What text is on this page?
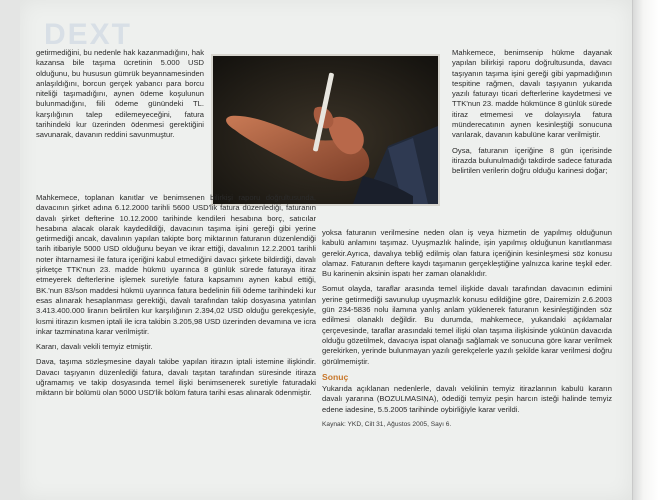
DEXT

getirmediğini, bu nedenle hak kazanmadığını, hak kazansa bile taşıma ücretinin 5.000 USD olduğunu, bu hususun gümrük beyannamesinden anlaşıldığını, borcun gerçek yabancı para borcu niteliği taşımadığını, aynen ödeme koşulunun bulunmadığını, fiili ödeme günündeki TL. karşılığının talep edilemeyeceğini, fatura tarihindeki kur üzerinden ödenmesi gerektiğini savunarak, davanın reddini savunmuştur.

Mahkemece, benimsenip hükme dayanak yapılan bilirkişi raporu doğrultusunda, davacı taşıyanın taşıma işini gereği gibi yapmadığının tespitine rağmen, davalı taşıyanın yukarıda yazılı faturayı ticari defterlerine kaydetmesi ve TTK'nun 23. madde hükmünce 8 günlük sürede itiraz etmemesi ve dolayısıyla fatura münderecatının aynen kesinleştiği sonucuna varılarak, davanın kabulüne karar verilmiştir.

Oysa, faturanın içeriğine 8 gün içerisinde itirazda bulunulmadığı takdirde sadece faturada belirtilen verilerin doğru olduğu karinesi doğar;

Mahkemece, toplanan kanıtlar ve benimsenen bilirkişi raporu doğrultusunda, davacının şirket adına 6.12.2000 tarihli 5600 USD'lik fatura düzenlediği, faturanın davalı şirket defterine 10.12.2000 tarihinde kendileri hesabına borç, satıcılar hesabına alacak olarak kaydedildiği, davacının taşıma işini gereği gibi yerine getirmediği ancak, davalının yapılan takipte borç miktarının faturanın düzenlendiği tarih itibariyle 5000 USD olduğunu beyan ve ikrar ettiği, davalının 12.2.2001 tarihli noter ihtarnamesi ile fatura içeriğini kabul etmediğini davacı şirkete bildirdiği, davalı şirketçe TTK'nun 23. madde hükmü uyarınca 8 günlük sürede faturaya itiraz etmeyerek defterlerine işlemek suretiyle fatura kapsamını aynen kabul ettiği, BK.'nun 83/son maddesi hükmü uyarınca fatura bedelinin fiili ödeme tarihindeki kur esas alınarak hesaplanması gerektiği, davalı tarafından takip dosyasına yatırılan 3.413.400.000 liranın belirtilen kur karşılığının 2.394,02 USD olduğu gerekçesiyle, kısmi itirazın kısmen iptali ile icra takibin 3.205,98 USD üzerinden devamına ve icra inkar tazminatına karar verilmiştir.

Kararı, davalı vekili temyiz etmiştir.

Dava, taşıma sözleşmesine dayalı takibe yapılan itirazın iptali istemine ilişkindir. Davacı taşıyanın düzenlediği fatura, davalı taşıtan tarafından süresinde itiraza uğramamış ve takip dosyasında temel ilişki benimsenerek suretiyle faturadaki miktarın bir bölümü olan 5000 USD'lik bölüm fatura tarihi esas alınarak ödenmiştir.

yoksa faturanın verilmesine neden olan iş veya hizmetin de yapılmış olduğunun kabulü anlamını taşımaz. Uyuşmazlık halinde, işin yapılmış olduğunun kanıtlanması gerekir.Ayrıca, davalıya tebliğ edilmiş olan fatura içeriğinin kesinleşmesi söz konusu olamaz. Faturanın deftere kaydı taşımanın gerçekleştiğine yalnızca karine teşkil eder. Bu karinenin aksinin ispatı her zaman olanaklıdır.

Somut olayda, taraflar arasında temel ilişkide davalı tarafından davacının edimini yerine getirmediği savunulup uyuşmazlık konusu edildiğine göre, Dairemizin 2.6.2003 gün 234-5836 nolu ilamına yanlış anlam yüklenerek faturanın kesinleştiğinden söz edilmesi olanaklı değildir. Bu durumda, mahkemece, yukarıdaki açıklamalar çerçevesinde, taraflar arasındaki temel ilişki olan taşıma ilişkisinde yükünün davacıda olduğu gözetilmek, davacıya ispat olanağı sağlamak ve sonucuna göre karar verilmek gerekirken, yerinde bulunmayan yazılı gerekçelerle yazılı şekilde karar verilmesi doğru görülmemiştir.

Sonuç

Yukarıda açıklanan nedenlerle, davalı vekilinin temyiz itirazlarının kabulü kararın davalı yararına (BOZULMASINA), ödediği temyiz peşin harcın isteği halinde temyiz edene iadesine, 5.5.2005 tarihinde oybirliğiyle karar verildi.

Kaynak: YKD, Cilt 31, Ağustos 2005, Sayı 6.
